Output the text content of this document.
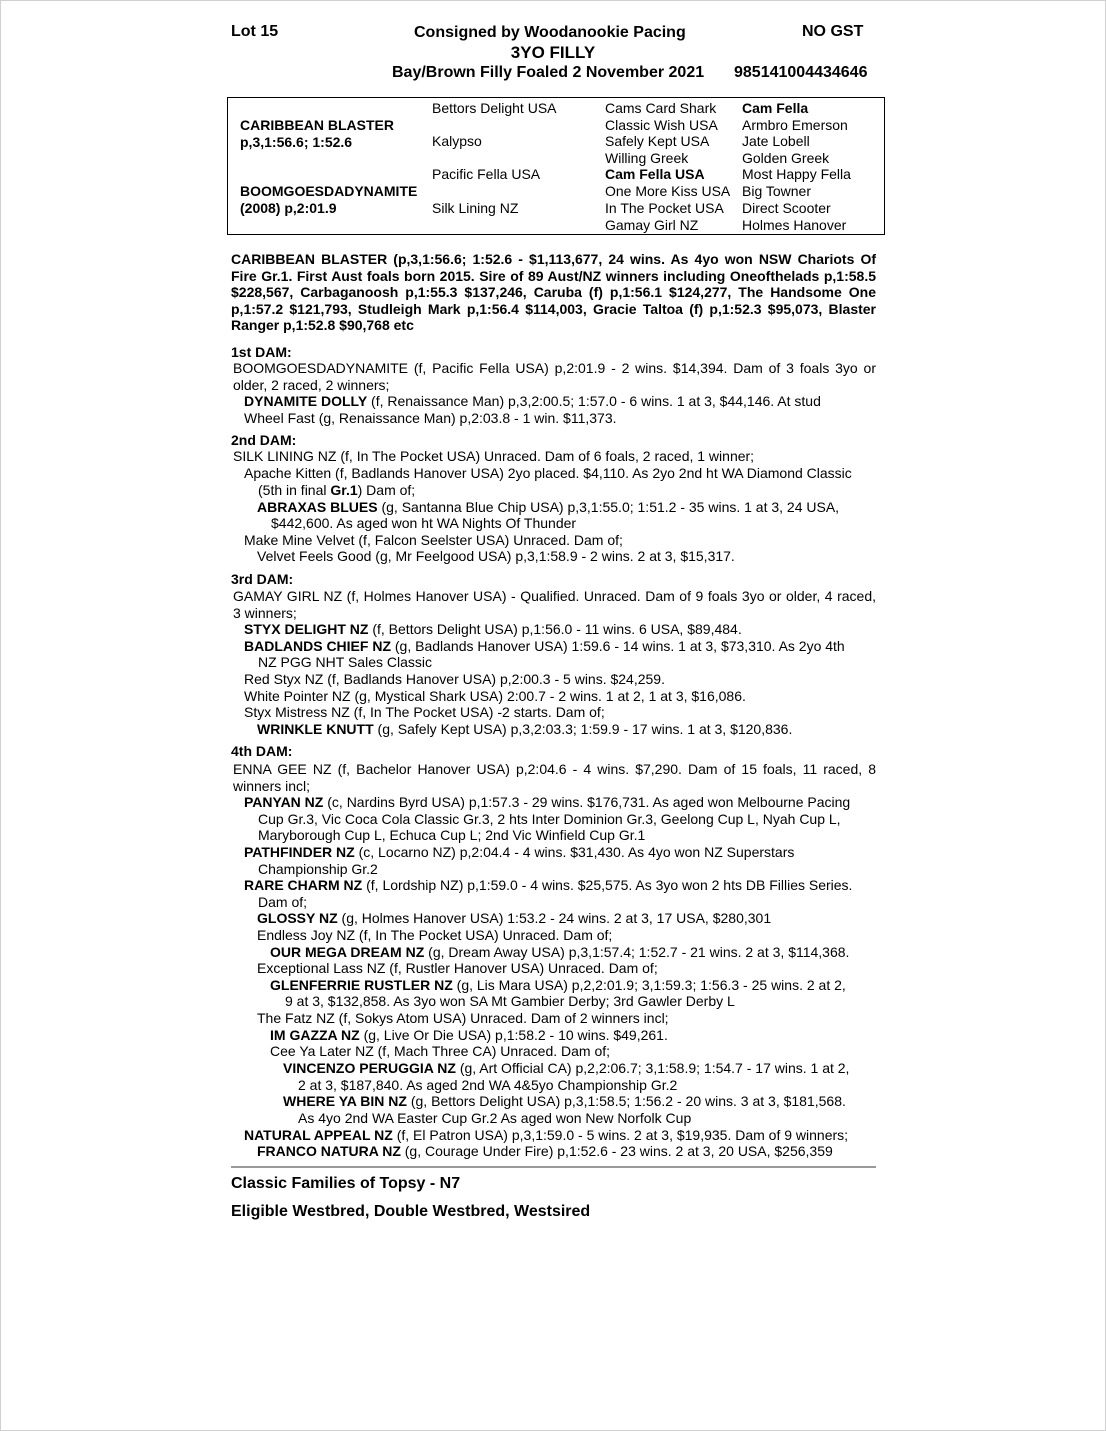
Lot 15	Consigned by Woodanookie Pacing	NO GST
3YO FILLY
Bay/Brown Filly Foaled 2 November 2021 985141004434646
CARIBBEAN BLASTER
p,3,1:56.6; 1:52.6
BOOMGOESDADYNAMITE
(2008) p,2:01.9
Bettors Delight USA
Kalypso
Pacific Fella USA
Silk Lining NZ
Cams Card Shark
Classic Wish USA
Safely Kept USA
Willing Greek
Cam Fella USA
One More Kiss USA
In The Pocket USA
Gamay Girl NZ
Cam Fella
Armbro Emerson
Jate Lobell
Golden Greek
Most Happy Fella
Big Towner
Direct Scooter
Holmes Hanover
CARIBBEAN BLASTER (p,3,1:56.6; 1:52.6 - $1,113,677, 24 wins. As 4yo won NSW Chariots Of Fire Gr.1. First Aust foals born 2015. Sire of 89 Aust/NZ winners including Oneofthelads p,1:58.5 $228,567, Carbaganoosh p,1:55.3 $137,246, Caruba (f) p,1:56.1 $124,277, The Handsome One p,1:57.2 $121,793, Studleigh Mark p,1:56.4 $114,003, Gracie Taltoa (f) p,1:52.3 $95,073, Blaster Ranger p,1:52.8 $90,768 etc
1st DAM:
BOOMGOESDADYNAMITE (f, Pacific Fella USA) p,2:01.9 - 2 wins. $14,394. Dam of 3 foals 3yo or older, 2 raced, 2 winners;
DYNAMITE DOLLY (f, Renaissance Man) p,3,2:00.5; 1:57.0 - 6 wins. 1 at 3, $44,146. At stud
Wheel Fast (g, Renaissance Man) p,2:03.8 - 1 win. $11,373.
2nd DAM:
SILK LINING NZ (f, In The Pocket USA) Unraced. Dam of 6 foals, 2 raced, 1 winner;
Apache Kitten (f, Badlands Hanover USA) 2yo placed. $4,110. As 2yo 2nd ht WA Diamond Classic
(5th in final Gr.1) Dam of;
ABRAXAS BLUES (g, Santanna Blue Chip USA) p,3,1:55.0; 1:51.2 - 35 wins. 1 at 3, 24 USA,
$442,600. As aged won ht WA Nights Of Thunder
Make Mine Velvet (f, Falcon Seelster USA) Unraced. Dam of;
Velvet Feels Good (g, Mr Feelgood USA) p,3,1:58.9 - 2 wins. 2 at 3, $15,317.
3rd DAM:
GAMAY GIRL NZ (f, Holmes Hanover USA) - Qualified. Unraced. Dam of 9 foals 3yo or older, 4 raced, 3 winners;
STYX DELIGHT NZ (f, Bettors Delight USA) p,1:56.0 - 11 wins. 6 USA, $89,484.
BADLANDS CHIEF NZ (g, Badlands Hanover USA) 1:59.6 - 14 wins. 1 at 3, $73,310. As 2yo 4th
NZ PGG NHT Sales Classic
Red Styx NZ (f, Badlands Hanover USA) p,2:00.3 - 5 wins. $24,259.
White Pointer NZ (g, Mystical Shark USA) 2:00.7 - 2 wins. 1 at 2, 1 at 3, $16,086.
Styx Mistress NZ (f, In The Pocket USA) -2 starts. Dam of;
WRINKLE KNUTT (g, Safely Kept USA) p,3,2:03.3; 1:59.9 - 17 wins. 1 at 3, $120,836.
4th DAM:
ENNA GEE NZ (f, Bachelor Hanover USA) p,2:04.6 - 4 wins. $7,290. Dam of 15 foals, 11 raced, 8 winners incl;
PANYAN NZ (c, Nardins Byrd USA) p,1:57.3 - 29 wins. $176,731. As aged won Melbourne Pacing
Cup Gr.3, Vic Coca Cola Classic Gr.3, 2 hts Inter Dominion Gr.3, Geelong Cup L, Nyah Cup L,
Maryborough Cup L, Echuca Cup L; 2nd Vic Winfield Cup Gr.1
PATHFINDER NZ (c, Locarno NZ) p,2:04.4 - 4 wins. $31,430. As 4yo won NZ Superstars
Championship Gr.2
RARE CHARM NZ (f, Lordship NZ) p,1:59.0 - 4 wins. $25,575. As 3yo won 2 hts DB Fillies Series.
Dam of;
GLOSSY NZ (g, Holmes Hanover USA) 1:53.2 - 24 wins. 2 at 3, 17 USA, $280,301
Endless Joy NZ (f, In The Pocket USA) Unraced. Dam of;
OUR MEGA DREAM NZ (g, Dream Away USA) p,3,1:57.4; 1:52.7 - 21 wins. 2 at 3, $114,368.
Exceptional Lass NZ (f, Rustler Hanover USA) Unraced. Dam of;
GLENFERRIE RUSTLER NZ (g, Lis Mara USA) p,2,2:01.9; 3,1:59.3; 1:56.3 - 25 wins. 2 at 2,
9 at 3, $132,858. As 3yo won SA Mt Gambier Derby; 3rd Gawler Derby L
The Fatz NZ (f, Sokys Atom USA) Unraced. Dam of 2 winners incl;
IM GAZZA NZ (g, Live Or Die USA) p,1:58.2 - 10 wins. $49,261.
Cee Ya Later NZ (f, Mach Three CA) Unraced. Dam of;
VINCENZO PERUGGIA NZ (g, Art Official CA) p,2,2:06.7; 3,1:58.9; 1:54.7 - 17 wins. 1 at 2,
2 at 3, $187,840. As aged 2nd WA 4&5yo Championship Gr.2
WHERE YA BIN NZ (g, Bettors Delight USA) p,3,1:58.5; 1:56.2 - 20 wins. 3 at 3, $181,568.
As 4yo 2nd WA Easter Cup Gr.2 As aged won New Norfolk Cup
NATURAL APPEAL NZ (f, El Patron USA) p,3,1:59.0 - 5 wins. 2 at 3, $19,935. Dam of 9 winners;
FRANCO NATURA NZ (g, Courage Under Fire) p,1:52.6 - 23 wins. 2 at 3, 20 USA, $256,359
Classic Families of Topsy - N7
Eligible Westbred, Double Westbred, Westsired
